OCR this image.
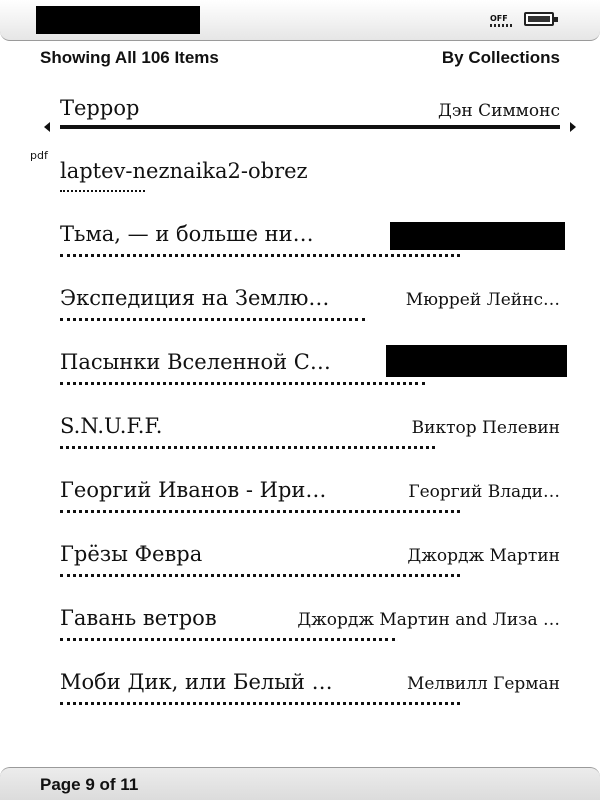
OFF
Showing All 106 Items	By Collections
Террор	Дэн Симмонс
pdf
laptev-neznaika2-obrez
Тьма, — и больше ни…
Экспедиция на Землю…	Мюррей Лейнс…
Пасынки Вселенной С…
S.N.U.F.F.	Виктор Пелевин
Георгий Иванов - Ири…	Георгий Влади…
Грёзы Февра	Джордж Мартин
Гавань ветров	Джордж Мартин and Лиза …
Моби Дик, или Белый …	Мелвилл Герман
Page 9 of 11
